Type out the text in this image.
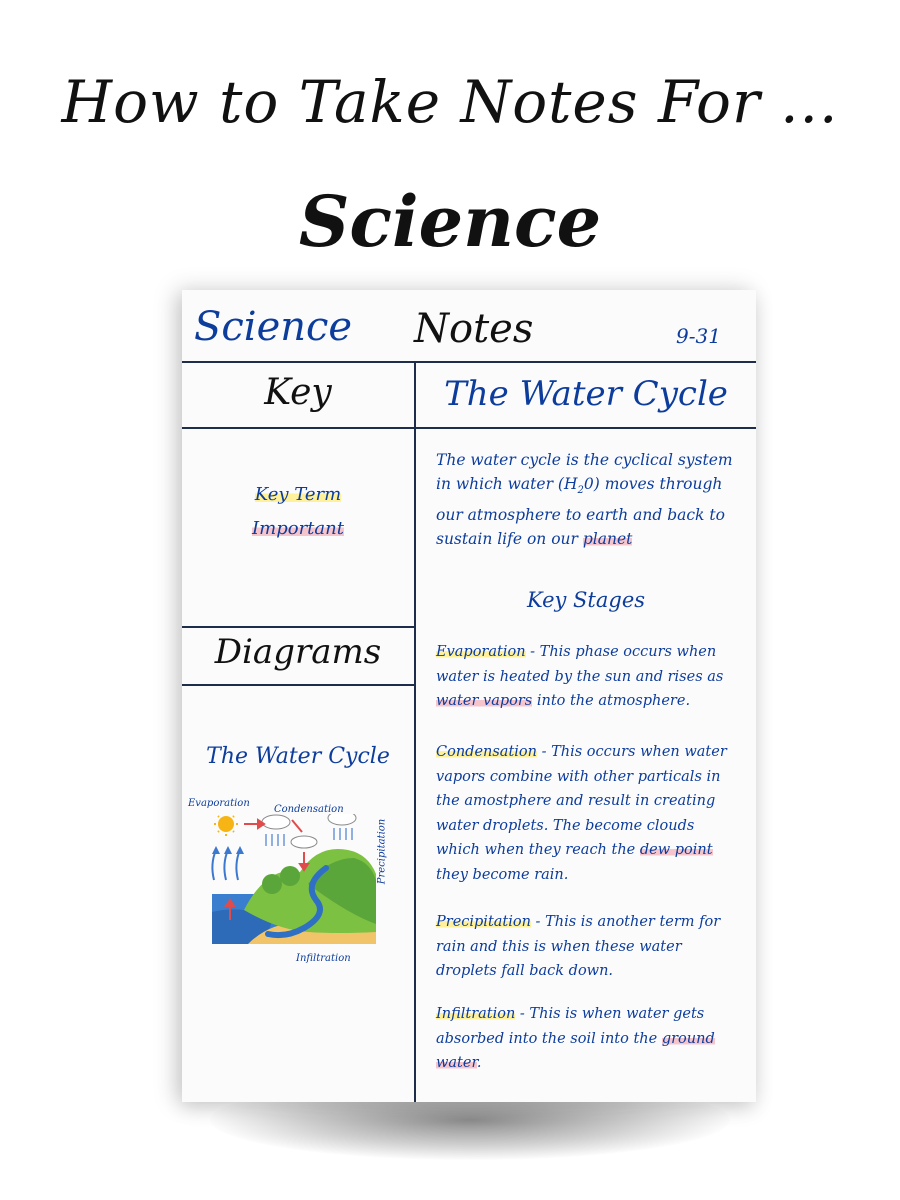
How to Take Notes For ...
Science
Science Notes	9-31
Key	The Water Cycle
Key Term
Important
Diagrams
The Water Cycle
Evaporation
Condensation
Precipitation
Infiltration
The water cycle is the cyclical system in which water $(H_20)$ moves through our atmosphere to earth and back to sustain life on our planet
Key Stages
Evaporation - This phase occurs when water is heated by the sun and rises as water vapors into the atmosphere.
Condensation - This occurs when water vapors combine with other particals in the amostphere and result in creating water droplets. The become clouds which when they reach the dew point they become rain.
Precipitation - This is another term for rain and this is when these water droplets fall back down.
Infiltration - This is when water gets absorbed into the soil into the ground water.
